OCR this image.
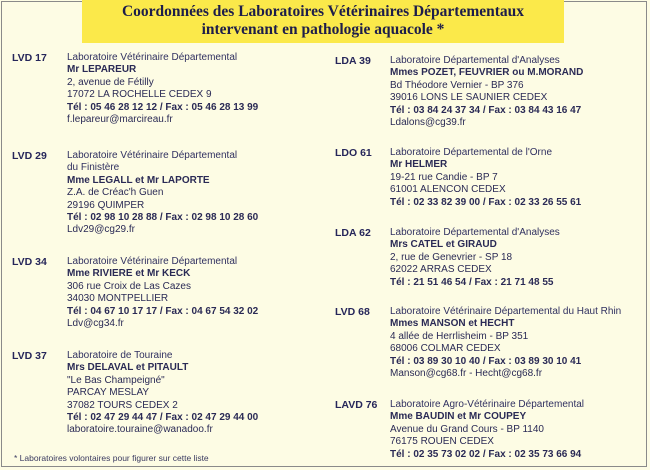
Coordonnées des Laboratoires Vétérinaires Départementaux
intervenant en pathologie aquacole *
LVD 17	Laboratoire Vétérinaire Départemental
Mr LEPAREUR
2, avenue de Fétilly
17072 LA ROCHELLE CEDEX 9
Tél : 05 46 28 12 12 / Fax : 05 46 28 13 99
f.lepareur@marcireau.fr
LVD 29	Laboratoire Vétérinaire Départemental
du Finistère
Mme LEGALL et Mr LAPORTE
Z.A. de Créac'h Guen
29196 QUIMPER
Tél : 02 98 10 28 88 / Fax : 02 98 10 28 60
Ldv29@cg29.fr
LVD 34	Laboratoire Vétérinaire Départemental
Mme RIVIERE et Mr KECK
306 rue Croix de Las Cazes
34030 MONTPELLIER
Tél : 04 67 10 17 17 / Fax : 04 67 54 32 02
Ldv@cg34.fr
LVD 37	Laboratoire de Touraine
Mrs DELAVAL et PITAULT
"Le Bas Champeigné"
PARCAY MESLAY
37082 TOURS CEDEX 2
Tél : 02 47 29 44 47 / Fax : 02 47 29 44 00
laboratoire.touraine@wanadoo.fr
LDA 39	Laboratoire Départemental d'Analyses
Mmes POZET, FEUVRIER ou M.MORAND
Bd Théodore Vernier - BP 376
39016 LONS LE SAUNIER CEDEX
Tél : 03 84 24 37 34 / Fax : 03 84 43 16 47
Ldalons@cg39.fr
LDO 61	Laboratoire Départemental de l'Orne
Mr HELMER
19-21 rue Candie - BP 7
61001 ALENCON CEDEX
Tél : 02 33 82 39 00 / Fax : 02 33 26 55 61
LDA 62	Laboratoire Départemental d'Analyses
Mrs CATEL et GIRAUD
2, rue de Genevrier - SP 18
62022 ARRAS CEDEX
Tél : 21 51 46 54 / Fax : 21 71 48 55
LVD 68	Laboratoire Vétérinaire Départemental du Haut Rhin
Mmes MANSON et HECHT
4 allée de Herrlisheim - BP 351
68006 COLMAR CEDEX
Tél : 03 89 30 10 40 / Fax : 03 89 30 10 41
Manson@cg68.fr - Hecht@cg68.fr
LAVD 76	Laboratoire Agro-Vétérinaire Départemental
Mme BAUDIN et Mr COUPEY
Avenue du Grand Cours - BP 1140
76175 ROUEN CEDEX
Tél : 02 35 73 02 02 / Fax : 02 35 73 66 94
* Laboratoires volontaires pour figurer sur cette liste
